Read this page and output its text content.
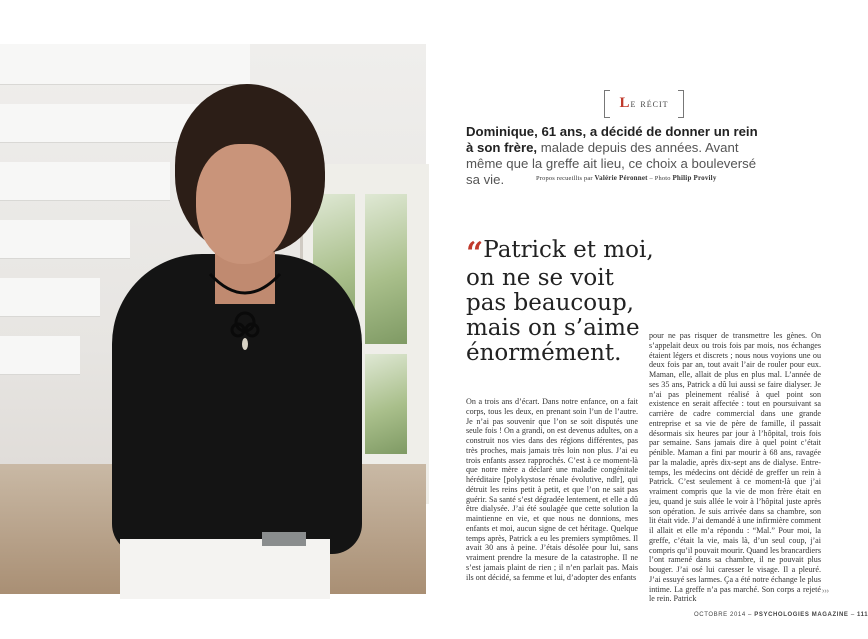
Le récit
Dominique, 61 ans, a décidé de donner un rein à son frère, malade depuis des années. Avant même que la greffe ait lieu, ce choix a bouleversé sa vie.	Propos recueillis par Valérie Péronnet – Photo Philip Provily
“Patrick et moi, on ne se voit pas beaucoup, mais on s’aime énormément.

On a trois ans d’écart. Dans notre enfance, on a fait corps, tous les deux, en prenant soin l’un de l’autre. Je n’ai pas souvenir que l’on se soit disputés une seule fois ! On a grandi, on est devenus adultes, on a construit nos vies dans des régions différentes, pas très proches, mais jamais très loin non plus. J’ai eu trois enfants assez rapprochés. C’est à ce moment-là que notre mère a déclaré une maladie congénitale héréditaire [polykystose rénale évolutive, ndlr], qui détruit les reins petit à petit, et que l’on ne sait pas guérir. Sa santé s’est dégradée lentement, et elle a dû être dialysée. J’ai été soulagée que cette solution la maintienne en vie, et que nous ne donnions, mes enfants et moi, aucun signe de cet héritage. Quelque temps après, Patrick a eu les premiers symptômes. Il avait 30 ans à peine. J’étais désolée pour lui, sans vraiment prendre la mesure de la catastrophe. Il ne s’est jamais plaint de rien ; il n’en parlait pas. Mais ils ont décidé, sa femme et lui, d’adopter des enfants

pour ne pas risquer de transmettre les gènes. On s’appelait deux ou trois fois par mois, nos échanges étaient légers et discrets ; nous nous voyions une ou deux fois par an, tout avait l’air de rouler pour eux. Maman, elle, allait de plus en plus mal. L’année de ses 35 ans, Patrick a dû lui aussi se faire dialyser. Je n’ai pas pleinement réalisé à quel point son existence en serait affectée : tout en poursuivant sa carrière de cadre commercial dans une grande entreprise et sa vie de père de famille, il passait désormais six heures par jour à l’hôpital, trois fois par semaine. Sans jamais dire à quel point c’était pénible. Maman a fini par mourir à 68 ans, ravagée par la maladie, après dix-sept ans de dialyse. Entre-temps, les médecins ont décidé de greffer un rein à Patrick. C’est seulement à ce moment-là que j’ai vraiment compris que la vie de mon frère était en jeu, quand je suis allée le voir à l’hôpital juste après son opération. Je suis arrivée dans sa chambre, son lit était vide. J’ai demandé à une infirmière comment il allait et elle m’a répondu : “Mal.” Pour moi, la greffe, c’était la vie, mais là, d’un seul coup, j’ai compris qu’il pouvait mourir. Quand les brancardiers l’ont ramené dans sa chambre, il ne pouvait plus bouger. J’ai osé lui caresser le visage. Il a pleuré. J’ai essuyé ses larmes. Ça a été notre échange le plus intime. La greffe n’a pas marché. Son corps a rejeté le rein. Patrick

›››
OCTOBRE 2014 – PSYCHOLOGIES MAGAZINE – 111
